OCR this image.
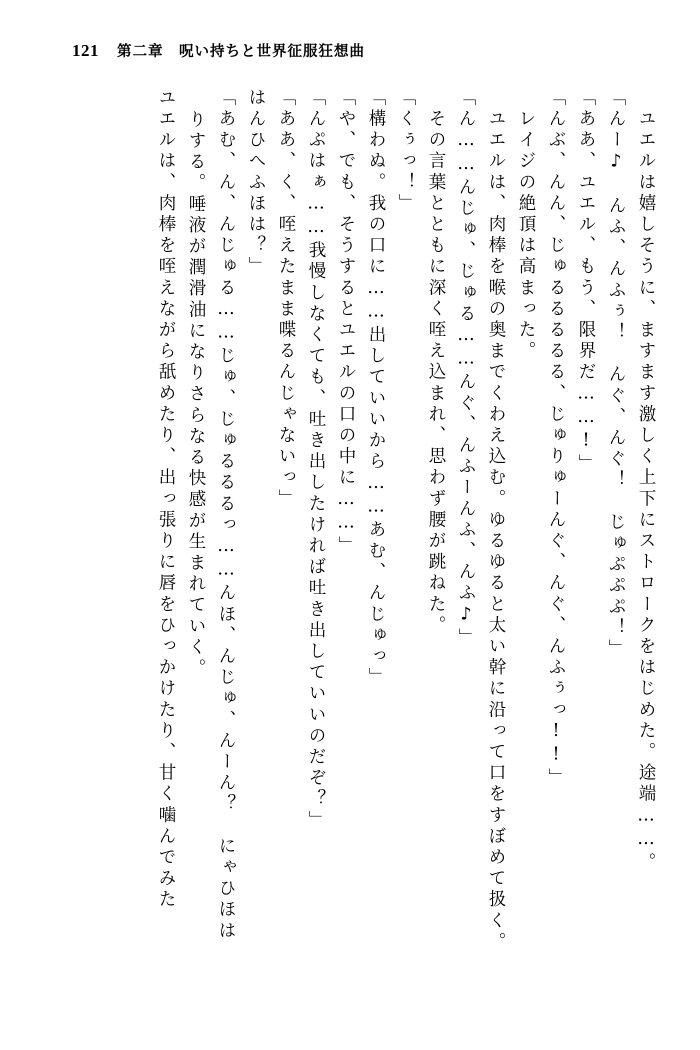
121 第二章　呪い持ちと世界征服狂想曲
ユエルは、肉棒を咥えながら舐めたり、出っ張りに唇をひっかけたり、甘く噛んでみた りする。唾液が潤滑油になりさらなる快感が生まれていく。 「あむ、ん、んじゅる……じゅ、じゅるるるっ……んほ、んじゅ、んーん？　にゃひほは はんひへふほは？」 「ああ、く、咥えたまま喋るんじゃないっ」 「んぷはぁ……我慢しなくても、吐き出したければ吐き出していいのだぞ？」 「や、でも、そうするとユエルの口の中に……」 「構わぬ。我の口に……出していいから……あむ、んじゅっ」 「くぅっ！」 　その言葉とともに深く咥え込まれ、思わず腰が跳ねた。 「ん……んじゅ、じゅる……んぐ、んふーんふ、んふ♪」 　ユエルは、肉棒を喉の奥までくわえ込む。ゆるゆると太い幹に沿って口をすぼめて扱く。 　レイジの絶頂は高まった。 「んぶ、んん、じゅるるるるる、じゅりゅーんぐ、んぐ、んふぅっ!!」 「ああ、ユエル、もう、限界だ……!」 「んー♪　んふ、んふぅ！　んぐ、んぐ！　じゅぷぷぷ！」 　ユエルは嬉しそうに、ますます激しく上下にストロークをはじめた。途端……。
